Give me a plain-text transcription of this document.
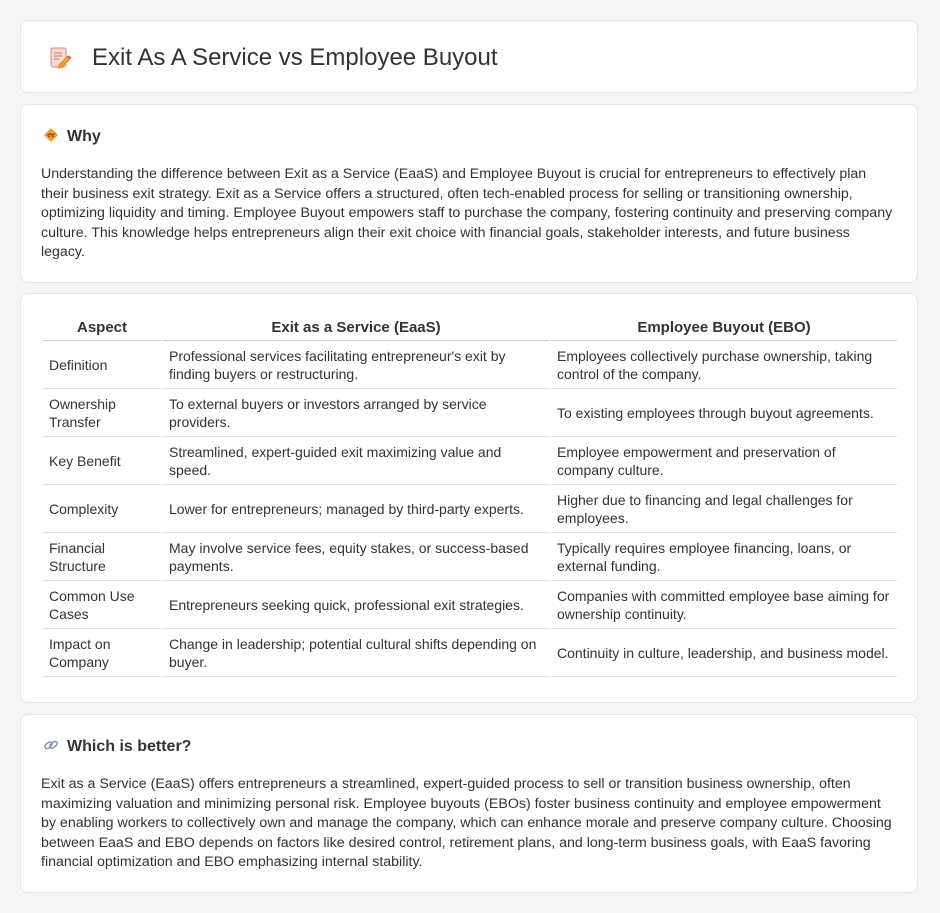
Exit As A Service vs Employee Buyout
Why

Understanding the difference between Exit as a Service (EaaS) and Employee Buyout is crucial for entrepreneurs to effectively plan their business exit strategy. Exit as a Service offers a structured, often tech-enabled process for selling or transitioning ownership, optimizing liquidity and timing. Employee Buyout empowers staff to purchase the company, fostering continuity and preserving company culture. This knowledge helps entrepreneurs align their exit choice with financial goals, stakeholder interests, and future business legacy.

Aspect	Exit as a Service (EaaS)	Employee Buyout (EBO)
Definition	Professional services facilitating entrepreneur's exit by finding buyers or restructuring.	Employees collectively purchase ownership, taking control of the company.
Ownership Transfer	To external buyers or investors arranged by service providers.	To existing employees through buyout agreements.
Key Benefit	Streamlined, expert-guided exit maximizing value and speed.	Employee empowerment and preservation of company culture.
Complexity	Lower for entrepreneurs; managed by third-party experts.	Higher due to financing and legal challenges for employees.
Financial Structure	May involve service fees, equity stakes, or success-based payments.	Typically requires employee financing, loans, or external funding.
Common Use Cases	Entrepreneurs seeking quick, professional exit strategies.	Companies with committed employee base aiming for ownership continuity.
Impact on Company	Change in leadership; potential cultural shifts depending on buyer.	Continuity in culture, leadership, and business model.
Which is better?

Exit as a Service (EaaS) offers entrepreneurs a streamlined, expert-guided process to sell or transition business ownership, often maximizing valuation and minimizing personal risk. Employee buyouts (EBOs) foster business continuity and employee empowerment by enabling workers to collectively own and manage the company, which can enhance morale and preserve company culture. Choosing between EaaS and EBO depends on factors like desired control, retirement plans, and long-term business goals, with EaaS favoring financial optimization and EBO emphasizing internal stability.
